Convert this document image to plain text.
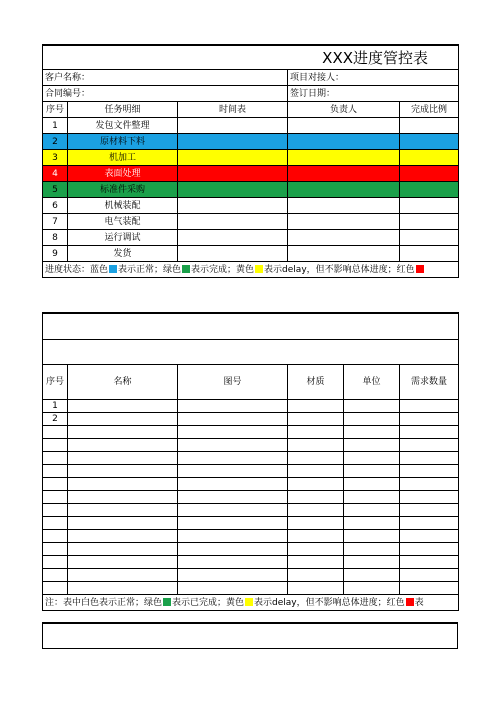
XXX进度管控表				
客户名称：			项目对接人：	
合同编号：			签订日期：	
序号	任务明细	时间表	负责人	完成比例
1	发包文件整理			
2	原材料下料			
3	机加工			
4	表面处理			
5	标准件采购			
6	机械装配			
7	电气装配			
8	运行调试			
9	发货			
进度状态：蓝色 表示正常；绿色 表示完成；黄色 表示delay，但不影响总体进度；红色				

序号	名称	图号	材质	单位	需求数量
1					
2					

注：表中白色表示正常；绿色 表示已完成；黄色 表示delay，但不影响总体进度；红色 表					
